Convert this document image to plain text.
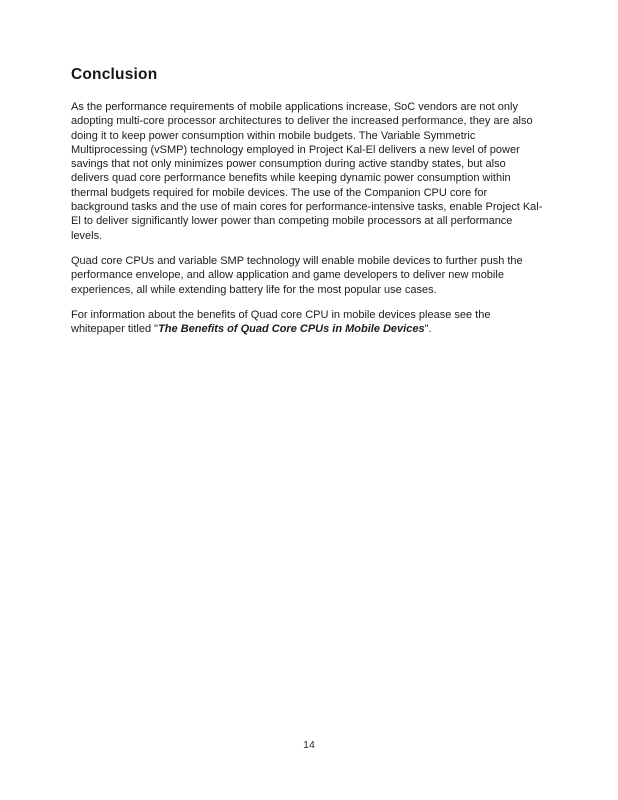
Conclusion

As the performance requirements of mobile applications increase, SoC vendors are not only adopting multi-core processor architectures to deliver the increased performance, they are also doing it to keep power consumption within mobile budgets. The Variable Symmetric Multiprocessing (vSMP) technology employed in Project Kal-El delivers a new level of power savings that not only minimizes power consumption during active standby states, but also delivers quad core performance benefits while keeping dynamic power consumption within thermal budgets required for mobile devices. The use of the Companion CPU core for background tasks and the use of main cores for performance-intensive tasks, enable Project Kal-El to deliver significantly lower power than competing mobile processors at all performance levels.

Quad core CPUs and variable SMP technology will enable mobile devices to further push the performance envelope, and allow application and game developers to deliver new mobile experiences, all while extending battery life for the most popular use cases.

For information about the benefits of Quad core CPU in mobile devices please see the whitepaper titled "The Benefits of Quad Core CPUs in Mobile Devices".

14
